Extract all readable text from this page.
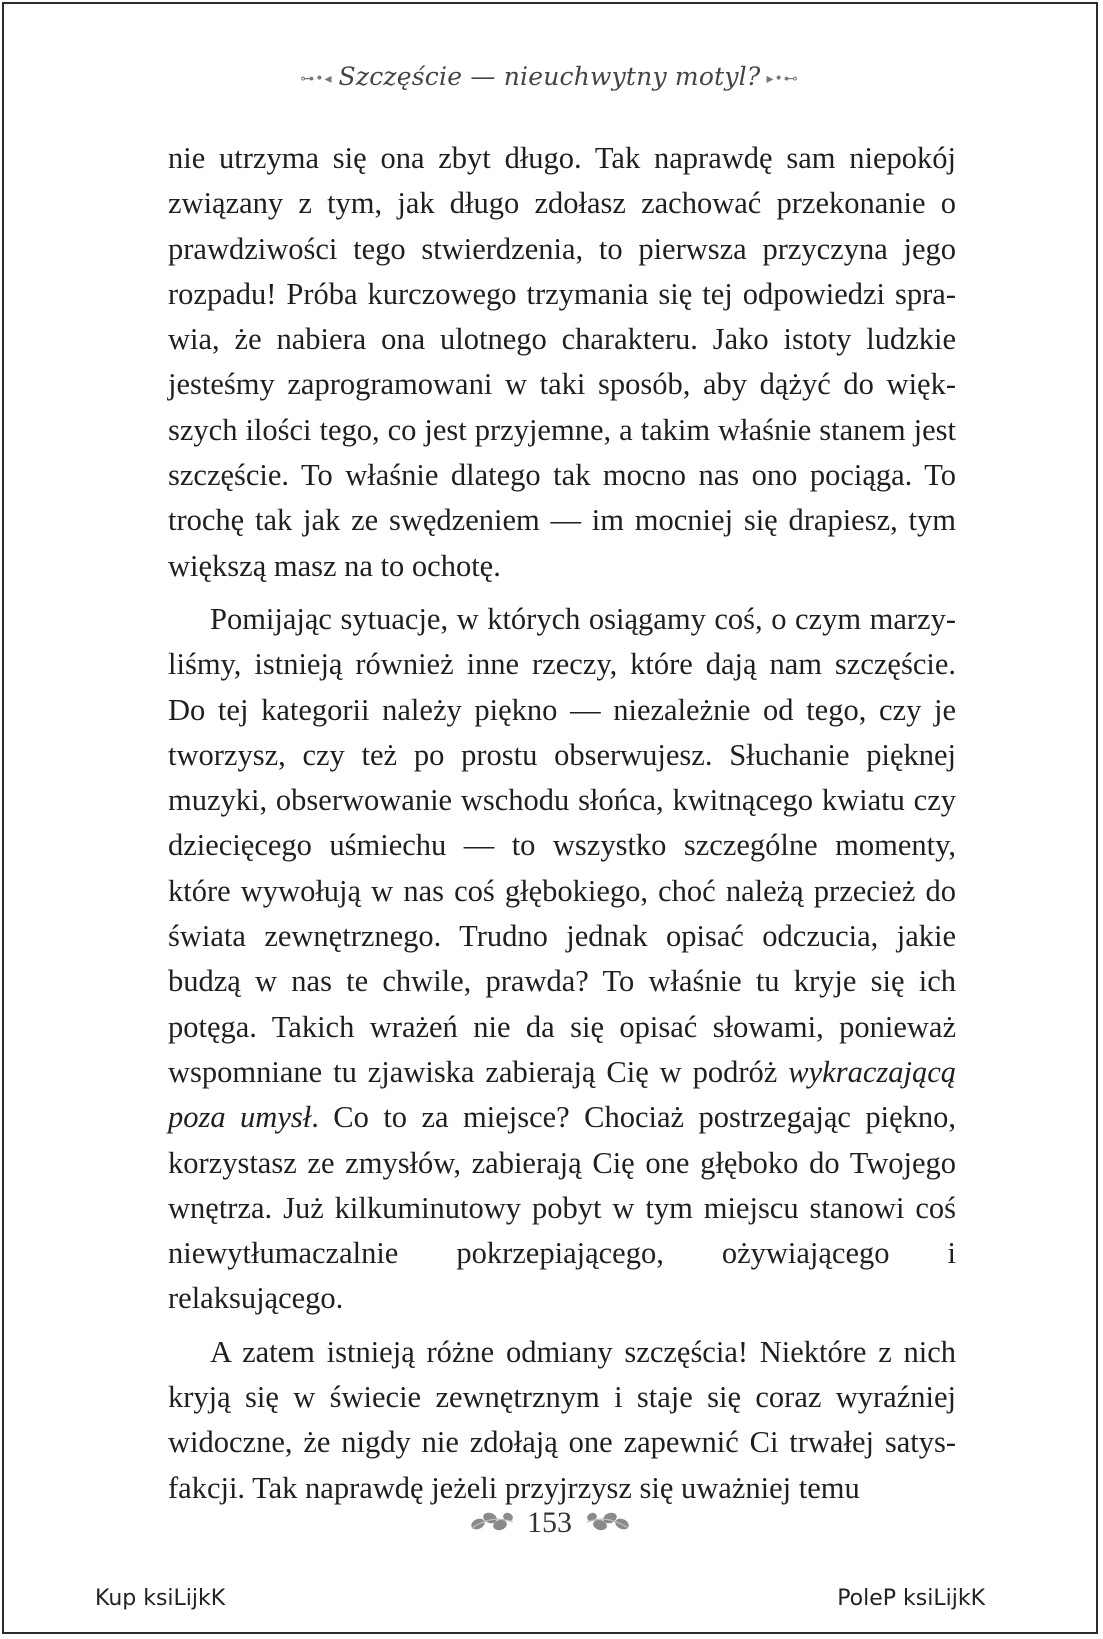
⊶•◂ Szczęście — nieuchwytny motyl? ▸•⊷

nie utrzyma się ona zbyt długo. Tak naprawdę sam niepokój związany z tym, jak długo zdołasz zachować przekonanie o prawdziwości tego stwierdzenia, to pierwsza przyczyna jego rozpadu! Próba kurczowego trzymania się tej odpowiedzi sprawia, że nabiera ona ulotnego charakteru. Jako istoty ludzkie jesteśmy zaprogramowani w taki sposób, aby dążyć do większych ilości tego, co jest przyjemne, a takim właśnie stanem jest szczęście. To właśnie dlatego tak mocno nas ono pociąga. To trochę tak jak ze swędzeniem — im mocniej się drapiesz, tym większą masz na to ochotę.

Pomijając sytuacje, w których osiągamy coś, o czym marzyliśmy, istnieją również inne rzeczy, które dają nam szczęście. Do tej kategorii należy piękno — niezależnie od tego, czy je tworzysz, czy też po prostu obserwujesz. Słuchanie pięknej muzyki, obserwowanie wschodu słońca, kwitnącego kwiatu czy dziecięcego uśmiechu — to wszystko szczególne momenty, które wywołują w nas coś głębokiego, choć należą przecież do świata zewnętrznego. Trudno jednak opisać odczucia, jakie budzą w nas te chwile, prawda? To właśnie tu kryje się ich potęga. Takich wrażeń nie da się opisać słowami, ponieważ wspomniane tu zjawiska zabierają Cię w podróż wykraczającą poza umysł. Co to za miejsce? Chociaż postrzegając piękno, korzystasz ze zmysłów, zabierają Cię one głęboko do Twojego wnętrza. Już kilkuminutowy pobyt w tym miejscu stanowi coś niewytłumaczalnie pokrzepiającego, ożywiającego i relaksującego.

A zatem istnieją różne odmiany szczęścia! Niektóre z nich kryją się w świecie zewnętrznym i staje się coraz wyraźniej widoczne, że nigdy nie zdołają one zapewnić Ci trwałej satysfakcji. Tak naprawdę jeżeli przyjrzysz się uważniej temu

153
Kup ksiLĳkK	PoleP ksiLĳkK
